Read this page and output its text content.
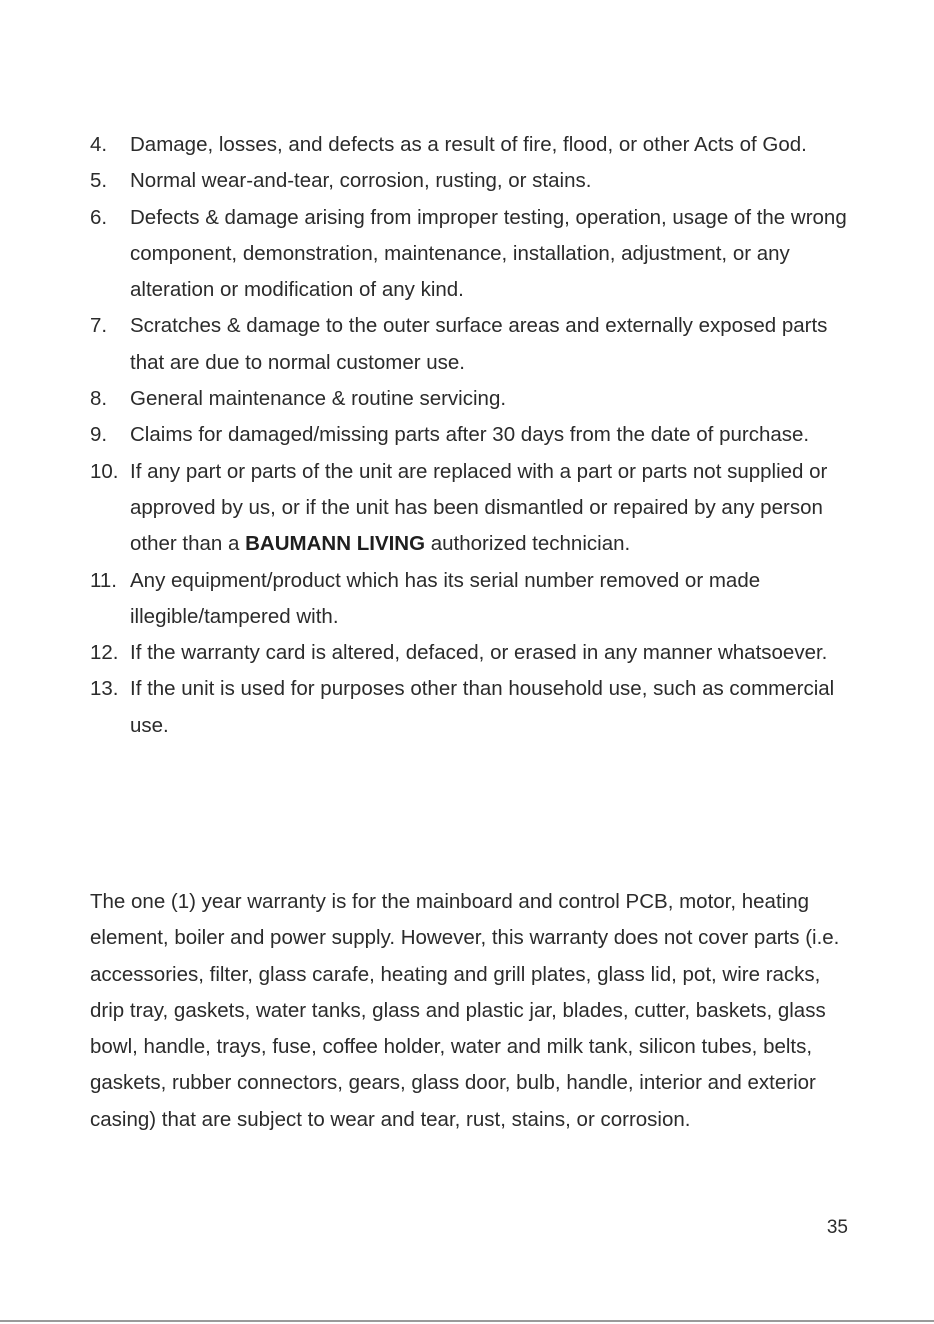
4.	Damage, losses, and defects as a result of fire, flood, or other Acts of God.
5.	Normal wear-and-tear, corrosion, rusting, or stains.
6.	Defects & damage arising from improper testing, operation, usage of the wrong component, demonstration, maintenance, installation, adjustment, or any alteration or modification of any kind.
7.	Scratches & damage to the outer surface areas and externally exposed parts that are due to normal customer use.
8.	General maintenance & routine servicing.
9.	Claims for damaged/missing parts after 30 days from the date of purchase.
10. If any part or parts of the unit are replaced with a part or parts not supplied or approved by us, or if the unit has been dismantled or repaired by any person other than a BAUMANN LIVING authorized technician.
11. Any equipment/product which has its serial number removed or made illegible/tampered with.
12. If the warranty card is altered, defaced, or erased in any manner whatsoever.
13. If the unit is used for purposes other than household use, such as commercial use.

The one (1) year warranty is for the mainboard and control PCB, motor, heating element, boiler and power supply. However, this warranty does not cover parts (i.e. accessories, filter, glass carafe, heating and grill plates, glass lid, pot, wire racks, drip tray, gaskets, water tanks, glass and plastic jar, blades, cutter, baskets, glass bowl, handle, trays, fuse, coffee holder, water and milk tank, silicon tubes, belts, gaskets, rubber connectors, gears, glass door, bulb, handle, interior and exterior casing) that are subject to wear and tear, rust, stains, or corrosion.

35
